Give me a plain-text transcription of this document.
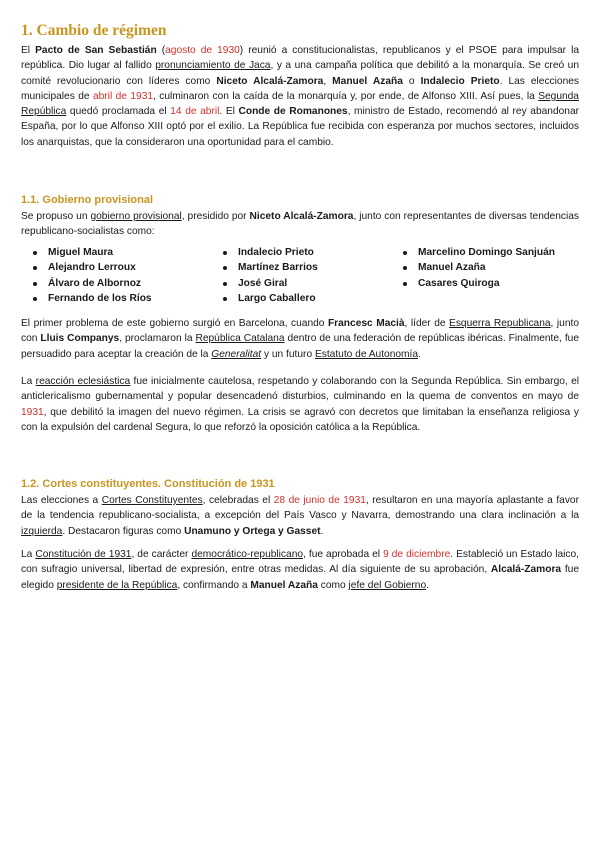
1. Cambio de régimen
El Pacto de San Sebastián (agosto de 1930) reunió a constitucionalistas, republicanos y el PSOE para impulsar la república. Dio lugar al fallido pronunciamiento de Jaca, y a una campaña política que debilitó a la monarquía. Se creó un comité revolucionario con líderes como Niceto Alcalá-Zamora, Manuel Azaña o Indalecio Prieto. Las elecciones municipales de abril de 1931, culminaron con la caída de la monarquía y, por ende, de Alfonso XIII. Así pues, la Segunda República quedó proclamada el 14 de abril. El Conde de Romanones, ministro de Estado, recomendó al rey abandonar España, por lo que Alfonso XIII optó por el exilio. La República fue recibida con esperanza por muchos sectores, incluidos los anarquistas, que la consideraron una oportunidad para el cambio.
1.1. Gobierno provisional
Se propuso un gobierno provisional, presidido por Niceto Alcalá-Zamora, junto con representantes de diversas tendencias republicano-socialistas como:
Miguel Maura
Alejandro Lerroux
Álvaro de Albornoz
Fernando de los Ríos
Indalecio Prieto
Martínez Barrios
José Giral
Largo Caballero
Marcelino Domingo Sanjuán
Manuel Azaña
Casares Quiroga
El primer problema de este gobierno surgió en Barcelona, cuando Francesc Macià, líder de Esquerra Republicana, junto con Lluis Companys, proclamaron la República Catalana dentro de una federación de repúblicas ibéricas. Finalmente, fue persuadido para aceptar la creación de la Generalitat y un futuro Estatuto de Autonomía.
La reacción eclesiástica fue inicialmente cautelosa, respetando y colaborando con la Segunda República. Sin embargo, el anticlericalismo gubernamental y popular desencadenó disturbios, culminando en la quema de conventos en mayo de 1931, que debilitó la imagen del nuevo régimen. La crisis se agravó con decretos que limitaban la enseñanza religiosa y con la expulsión del cardenal Segura, lo que reforzó la oposición católica a la República.
1.2. Cortes constituyentes. Constitución de 1931
Las elecciones a Cortes Constituyentes, celebradas el 28 de junio de 1931, resultaron en una mayoría aplastante a favor de la tendencia republicano-socialista, a excepción del País Vasco y Navarra, demostrando una clara inclinación a la izquierda. Destacaron figuras como Unamuno y Ortega y Gasset.
La Constitución de 1931, de carácter democrático-republicano, fue aprobada el 9 de diciembre. Estableció un Estado laico, con sufragio universal, libertad de expresión, entre otras medidas. Al día siguiente de su aprobación, Alcalá-Zamora fue elegido presidente de la República, confirmando a Manuel Azaña como jefe del Gobierno.
